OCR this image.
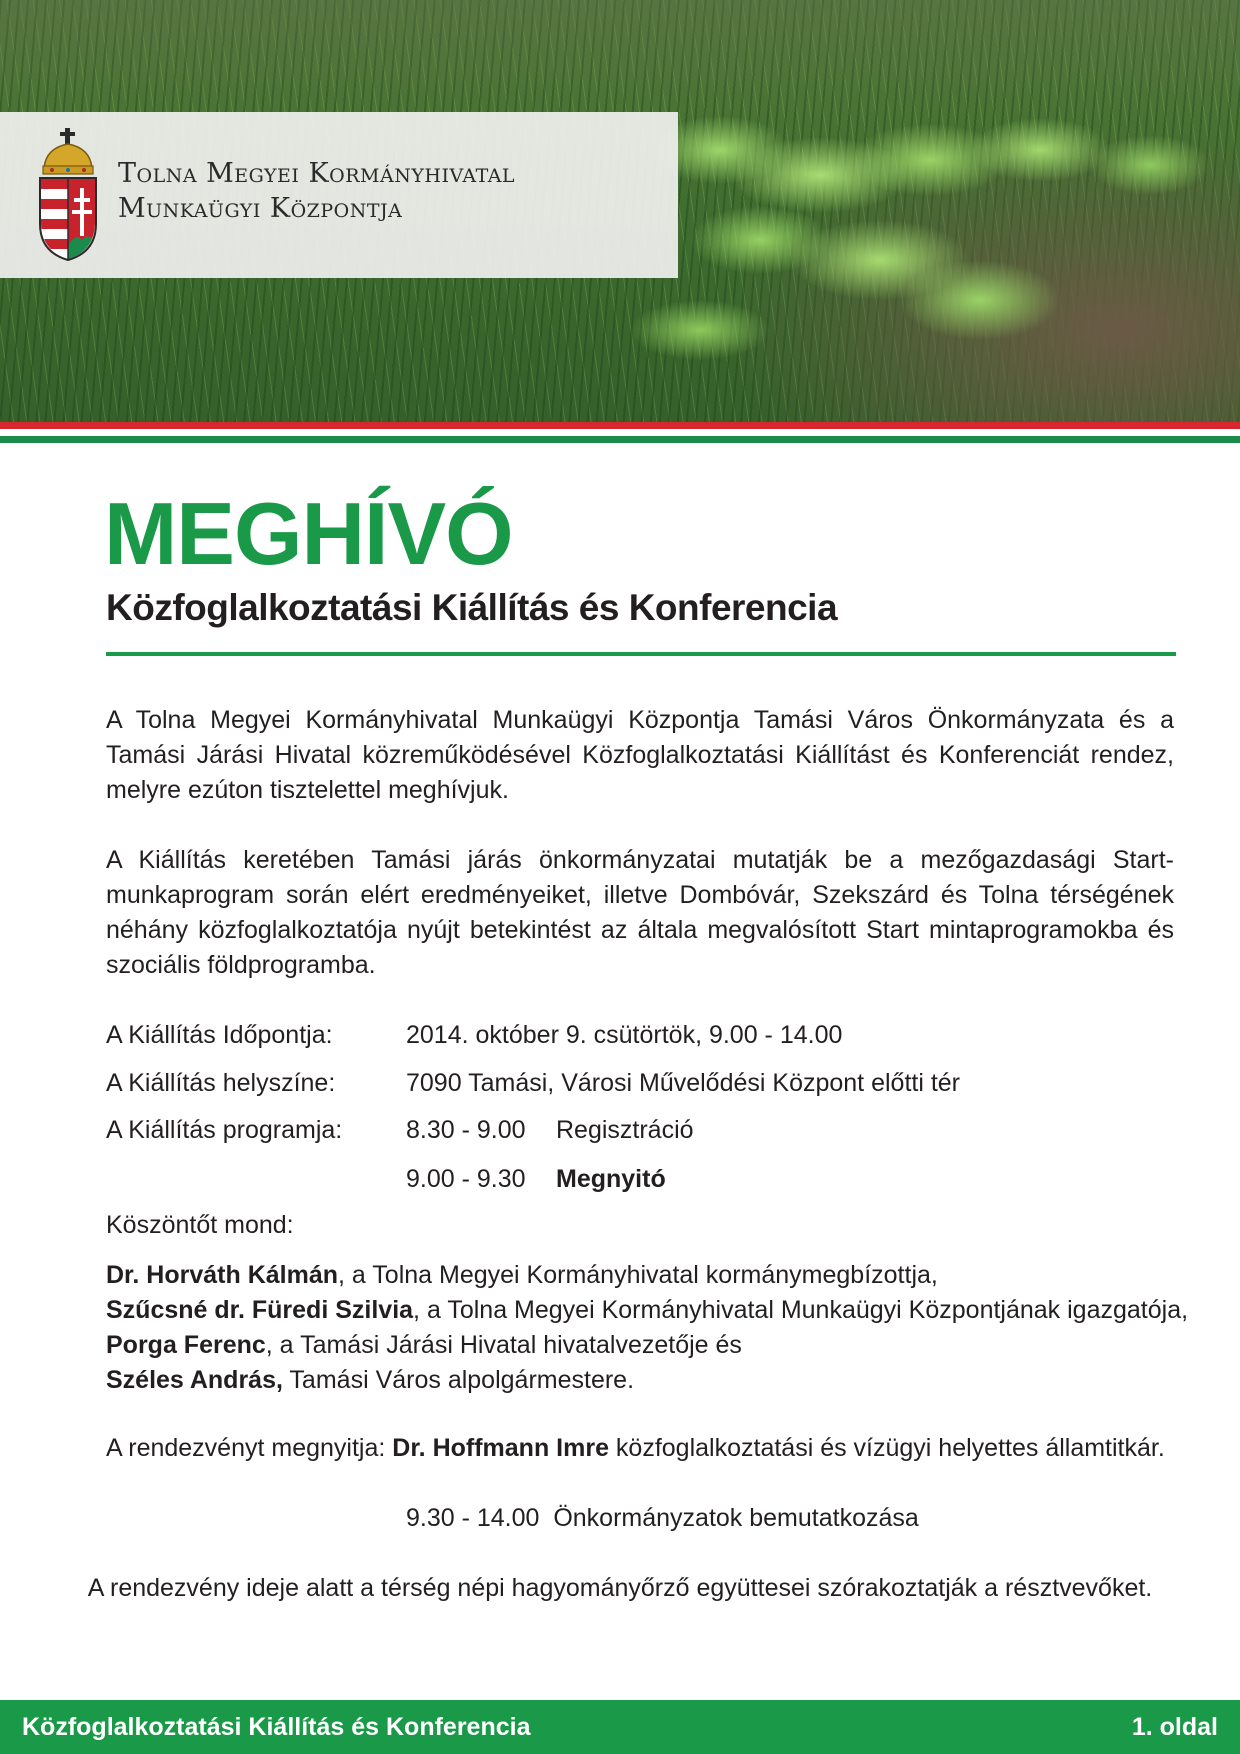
Tolna Megyei Kormányhivatal
Munkaügyi Központja
MEGHÍVÓ
Közfoglalkoztatási Kiállítás és Konferencia

A Tolna Megyei Kormányhivatal Munkaügyi Központja Tamási Város Önkormányzata és a Tamási Járási Hivatal közreműködésével Közfoglalkoztatási Kiállítást és Konferenciát rendez, melyre ezúton tisztelettel meghívjuk.

A Kiállítás keretében Tamási járás önkormányzatai mutatják be a mezőgazdasági Start-munkaprogram során elért eredményeiket, illetve Dombóvár, Szekszárd és Tolna térségének néhány közfoglalkoztatója nyújt betekintést az általa megvalósított Start mintaprogramokba és szociális földprogramba.

A Kiállítás Időpontja:	2014. október 9. csütörtök, 9.00 - 14.00
A Kiállítás helyszíne:	7090 Tamási, Városi Művelődési Központ előtti tér
A Kiállítás programja:	8.30 - 9.00 Regisztráció
9.00 - 9.30 Megnyitó
Köszöntőt mond:
Dr. Horváth Kálmán, a Tolna Megyei Kormányhivatal kormánymegbízottja,
Szűcsné dr. Füredi Szilvia, a Tolna Megyei Kormányhivatal Munkaügyi Központjának igazgatója,
Porga Ferenc, a Tamási Járási Hivatal hivatalvezetője és
Széles András, Tamási Város alpolgármestere.
A rendezvényt megnyitja: Dr. Hoffmann Imre közfoglalkoztatási és vízügyi helyettes államtitkár.
9.30 - 14.00  Önkormányzatok bemutatkozása
A rendezvény ideje alatt a térség népi hagyományőrző együttesei szórakoztatják a résztvevőket.
Közfoglalkoztatási Kiállítás és Konferencia	1. oldal
